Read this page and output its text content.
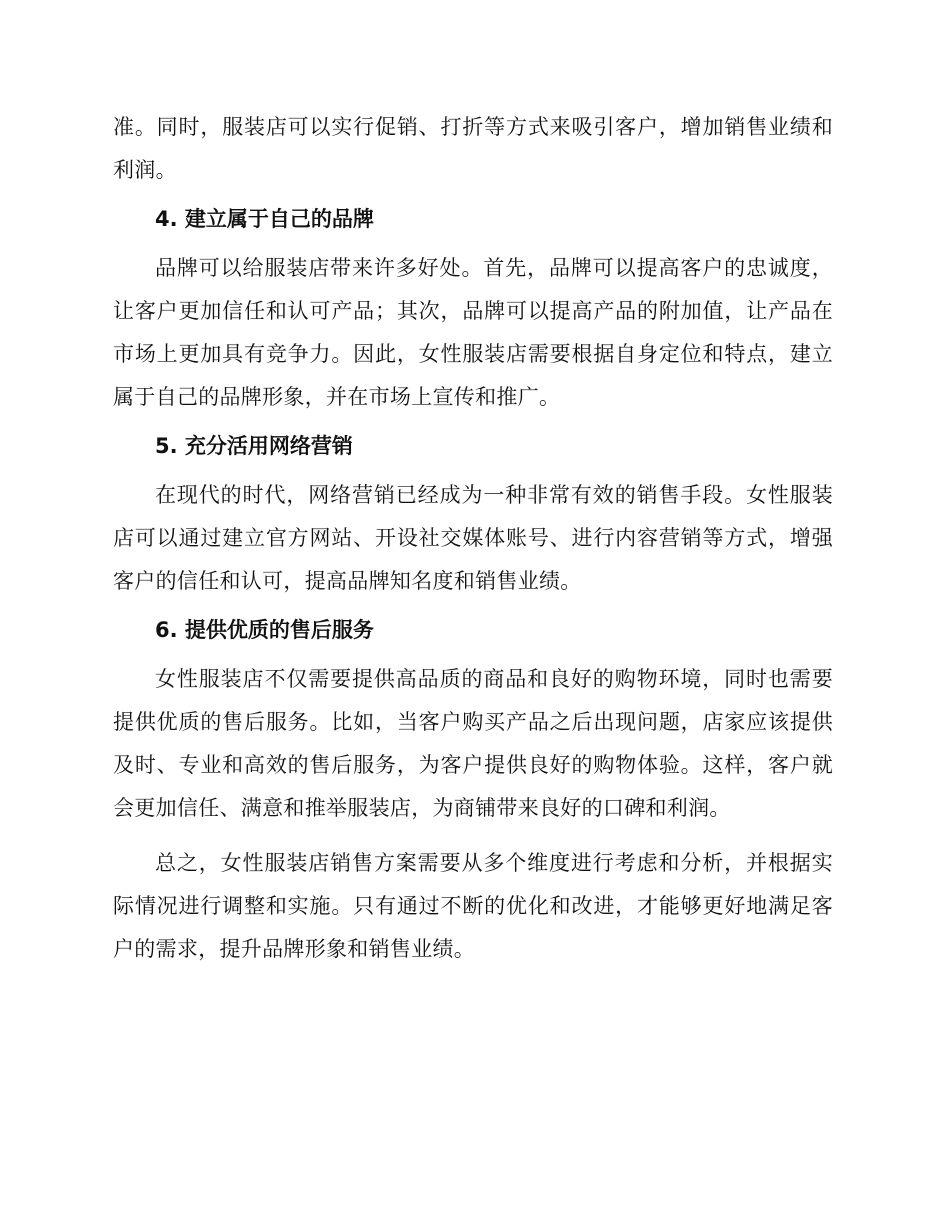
准。同时，服装店可以实行促销、打折等方式来吸引客户，增加销售业绩和利润。

4. 建立属于自己的品牌

品牌可以给服装店带来许多好处。首先，品牌可以提高客户的忠诚度，让客户更加信任和认可产品；其次，品牌可以提高产品的附加值，让产品在市场上更加具有竞争力。因此，女性服装店需要根据自身定位和特点，建立属于自己的品牌形象，并在市场上宣传和推广。

5. 充分活用网络营销

在现代的时代，网络营销已经成为一种非常有效的销售手段。女性服装店可以通过建立官方网站、开设社交媒体账号、进行内容营销等方式，增强客户的信任和认可，提高品牌知名度和销售业绩。

6. 提供优质的售后服务

女性服装店不仅需要提供高品质的商品和良好的购物环境，同时也需要提供优质的售后服务。比如，当客户购买产品之后出现问题，店家应该提供及时、专业和高效的售后服务，为客户提供良好的购物体验。这样，客户就会更加信任、满意和推举服装店，为商铺带来良好的口碑和利润。

总之，女性服装店销售方案需要从多个维度进行考虑和分析，并根据实际情况进行调整和实施。只有通过不断的优化和改进，才能够更好地满足客户的需求，提升品牌形象和销售业绩。
